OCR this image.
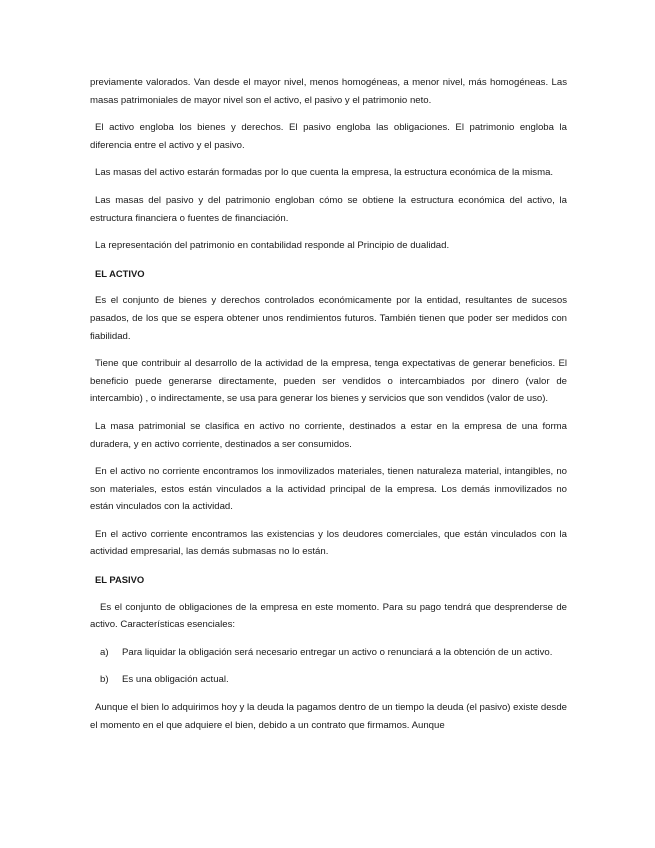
previamente valorados. Van desde el mayor nivel, menos homogéneas, a menor nivel, más homogéneas. Las masas patrimoniales de mayor nivel son el activo, el pasivo y el patrimonio neto.

El activo engloba los bienes y derechos. El pasivo engloba las obligaciones. El patrimonio engloba la diferencia entre el activo y el pasivo.

Las masas del activo estarán formadas por lo que cuenta la empresa, la estructura económica de la misma.

Las masas del pasivo y del patrimonio engloban cómo se obtiene la estructura económica del activo, la estructura financiera o fuentes de financiación.

La representación del patrimonio en contabilidad responde al Principio de dualidad.

EL ACTIVO

Es el conjunto de bienes y derechos controlados económicamente por la entidad, resultantes de sucesos pasados, de los que se espera obtener unos rendimientos futuros. También tienen que poder ser medidos con fiabilidad.

Tiene que contribuir al desarrollo de la actividad de la empresa, tenga expectativas de generar beneficios. El beneficio puede generarse directamente, pueden ser vendidos o intercambiados por dinero (valor de intercambio) , o indirectamente, se usa para generar los bienes y servicios que son vendidos (valor de uso).

La masa patrimonial se clasifica en activo no corriente, destinados a estar en la empresa de una forma duradera, y en activo corriente, destinados a ser consumidos.

En el activo no corriente encontramos los inmovilizados materiales, tienen naturaleza material, intangibles, no son materiales, estos están vinculados a la actividad principal de la empresa. Los demás inmovilizados no están vinculados con la actividad.

En el activo corriente encontramos las existencias y los deudores comerciales, que están vinculados con la actividad empresarial, las demás submasas no lo están.

EL PASIVO

Es el conjunto de obligaciones de la empresa en este momento. Para su pago tendrá que desprenderse de activo. Características esenciales:

a)	Para liquidar la obligación será necesario entregar un activo o renunciará a la obtención de un activo.
b)	Es una obligación actual.

Aunque el bien lo adquirimos hoy y la deuda la pagamos dentro de un tiempo la deuda (el pasivo) existe desde el momento en el que adquiere el bien, debido a un contrato que firmamos. Aunque
